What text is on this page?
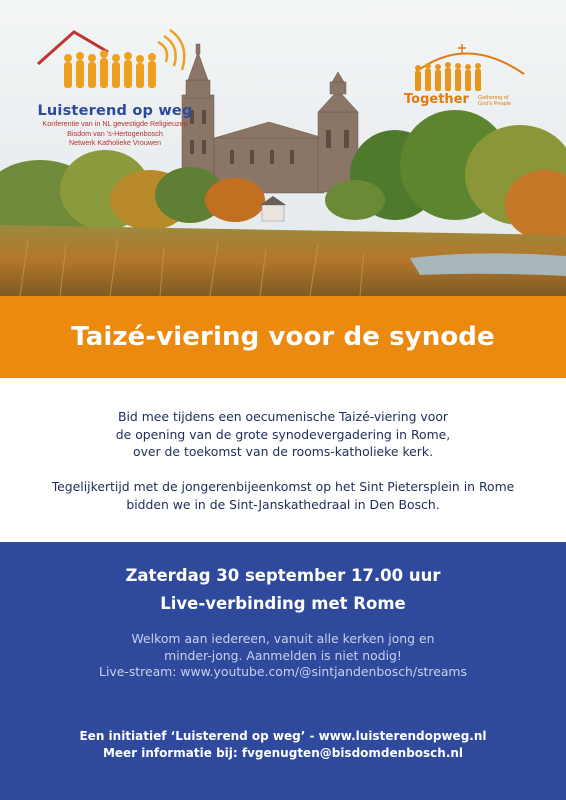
Luisterend op weg
Konferentie van in NL gevestigde Religieuzen
Bisdom van 's-Hertogenbosch
Netwerk Katholieke Vrouwen
Together Gathering of
God's People
Taizé-viering voor de synode

Bid mee tijdens een oecumenische Taizé-viering voor
de opening van de grote synodevergadering in Rome,
over de toekomst van de rooms-katholieke kerk.

Tegelijkertijd met de jongerenbijeenkomst op het Sint Pietersplein in Rome
bidden we in de Sint-Janskathedraal in Den Bosch.

Zaterdag 30 september 17.00 uur
Live-verbinding met Rome
Welkom aan iedereen, vanuit alle kerken jong en
minder-jong. Aanmelden is niet nodig!
Live-stream: www.youtube.com/@sintjandenbosch/streams
Een initiatief ‘Luisterend op weg’ - www.luisterendopweg.nl
Meer informatie bij: fvgenugten@bisdomdenbosch.nl
